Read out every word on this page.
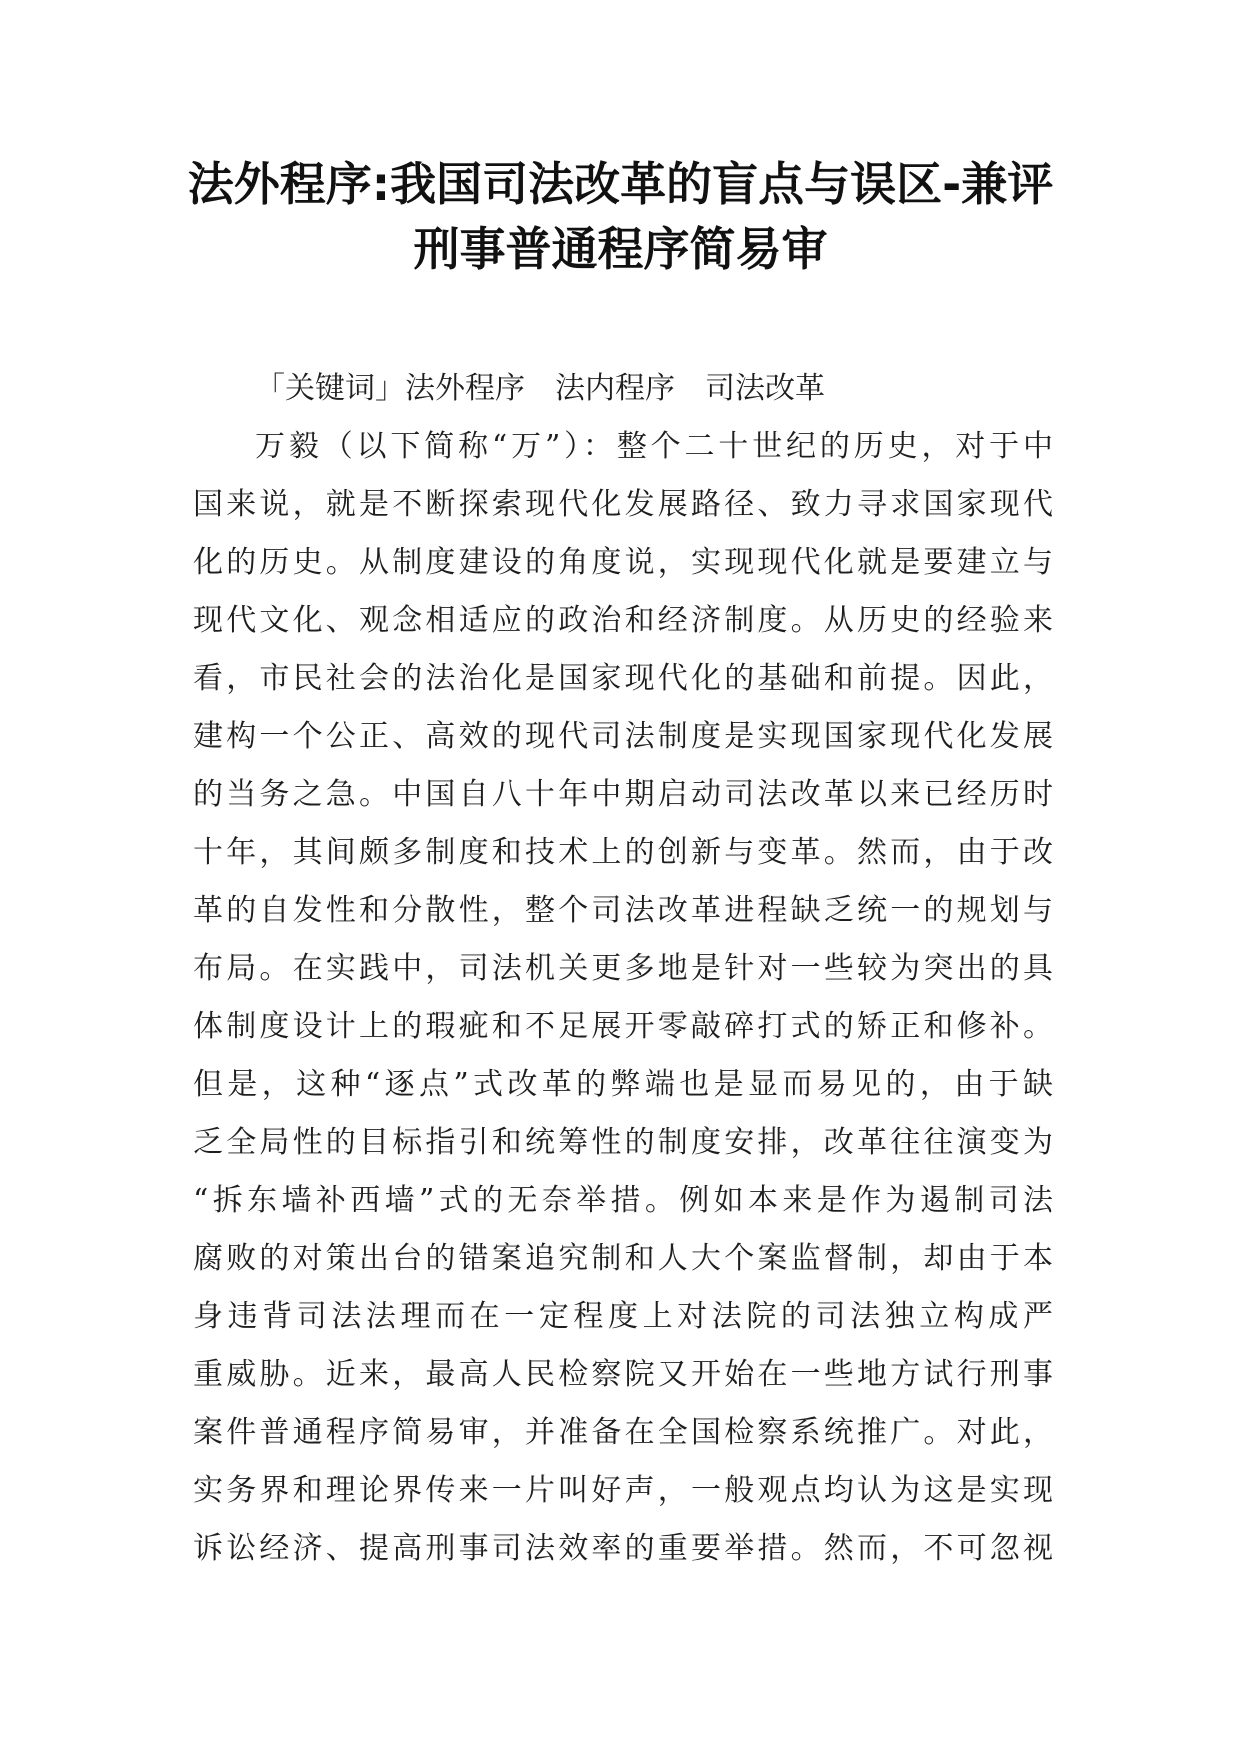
法外程序:我国司法改革的盲点与误区-兼评
刑事普通程序简易审
「关键词」法外程序　法内程序　司法改革
万毅（以下简称“万”）：整个二十世纪的历史，对于中
国来说，就是不断探索现代化发展路径、致力寻求国家现代
化的历史。从制度建设的角度说，实现现代化就是要建立与
现代文化、观念相适应的政治和经济制度。从历史的经验来
看，市民社会的法治化是国家现代化的基础和前提。因此，
建构一个公正、高效的现代司法制度是实现国家现代化发展
的当务之急。中国自八十年中期启动司法改革以来已经历时
十年，其间颇多制度和技术上的创新与变革。然而，由于改
革的自发性和分散性，整个司法改革进程缺乏统一的规划与
布局。在实践中，司法机关更多地是针对一些较为突出的具
体制度设计上的瑕疵和不足展开零敲碎打式的矫正和修补。
但是，这种“逐点”式改革的弊端也是显而易见的，由于缺
乏全局性的目标指引和统筹性的制度安排，改革往往演变为
“拆东墙补西墙”式的无奈举措。例如本来是作为遏制司法
腐败的对策出台的错案追究制和人大个案监督制，却由于本
身违背司法法理而在一定程度上对法院的司法独立构成严
重威胁。近来，最高人民检察院又开始在一些地方试行刑事
案件普通程序简易审，并准备在全国检察系统推广。对此，
实务界和理论界传来一片叫好声，一般观点均认为这是实现
诉讼经济、提高刑事司法效率的重要举措。然而，不可忽视
